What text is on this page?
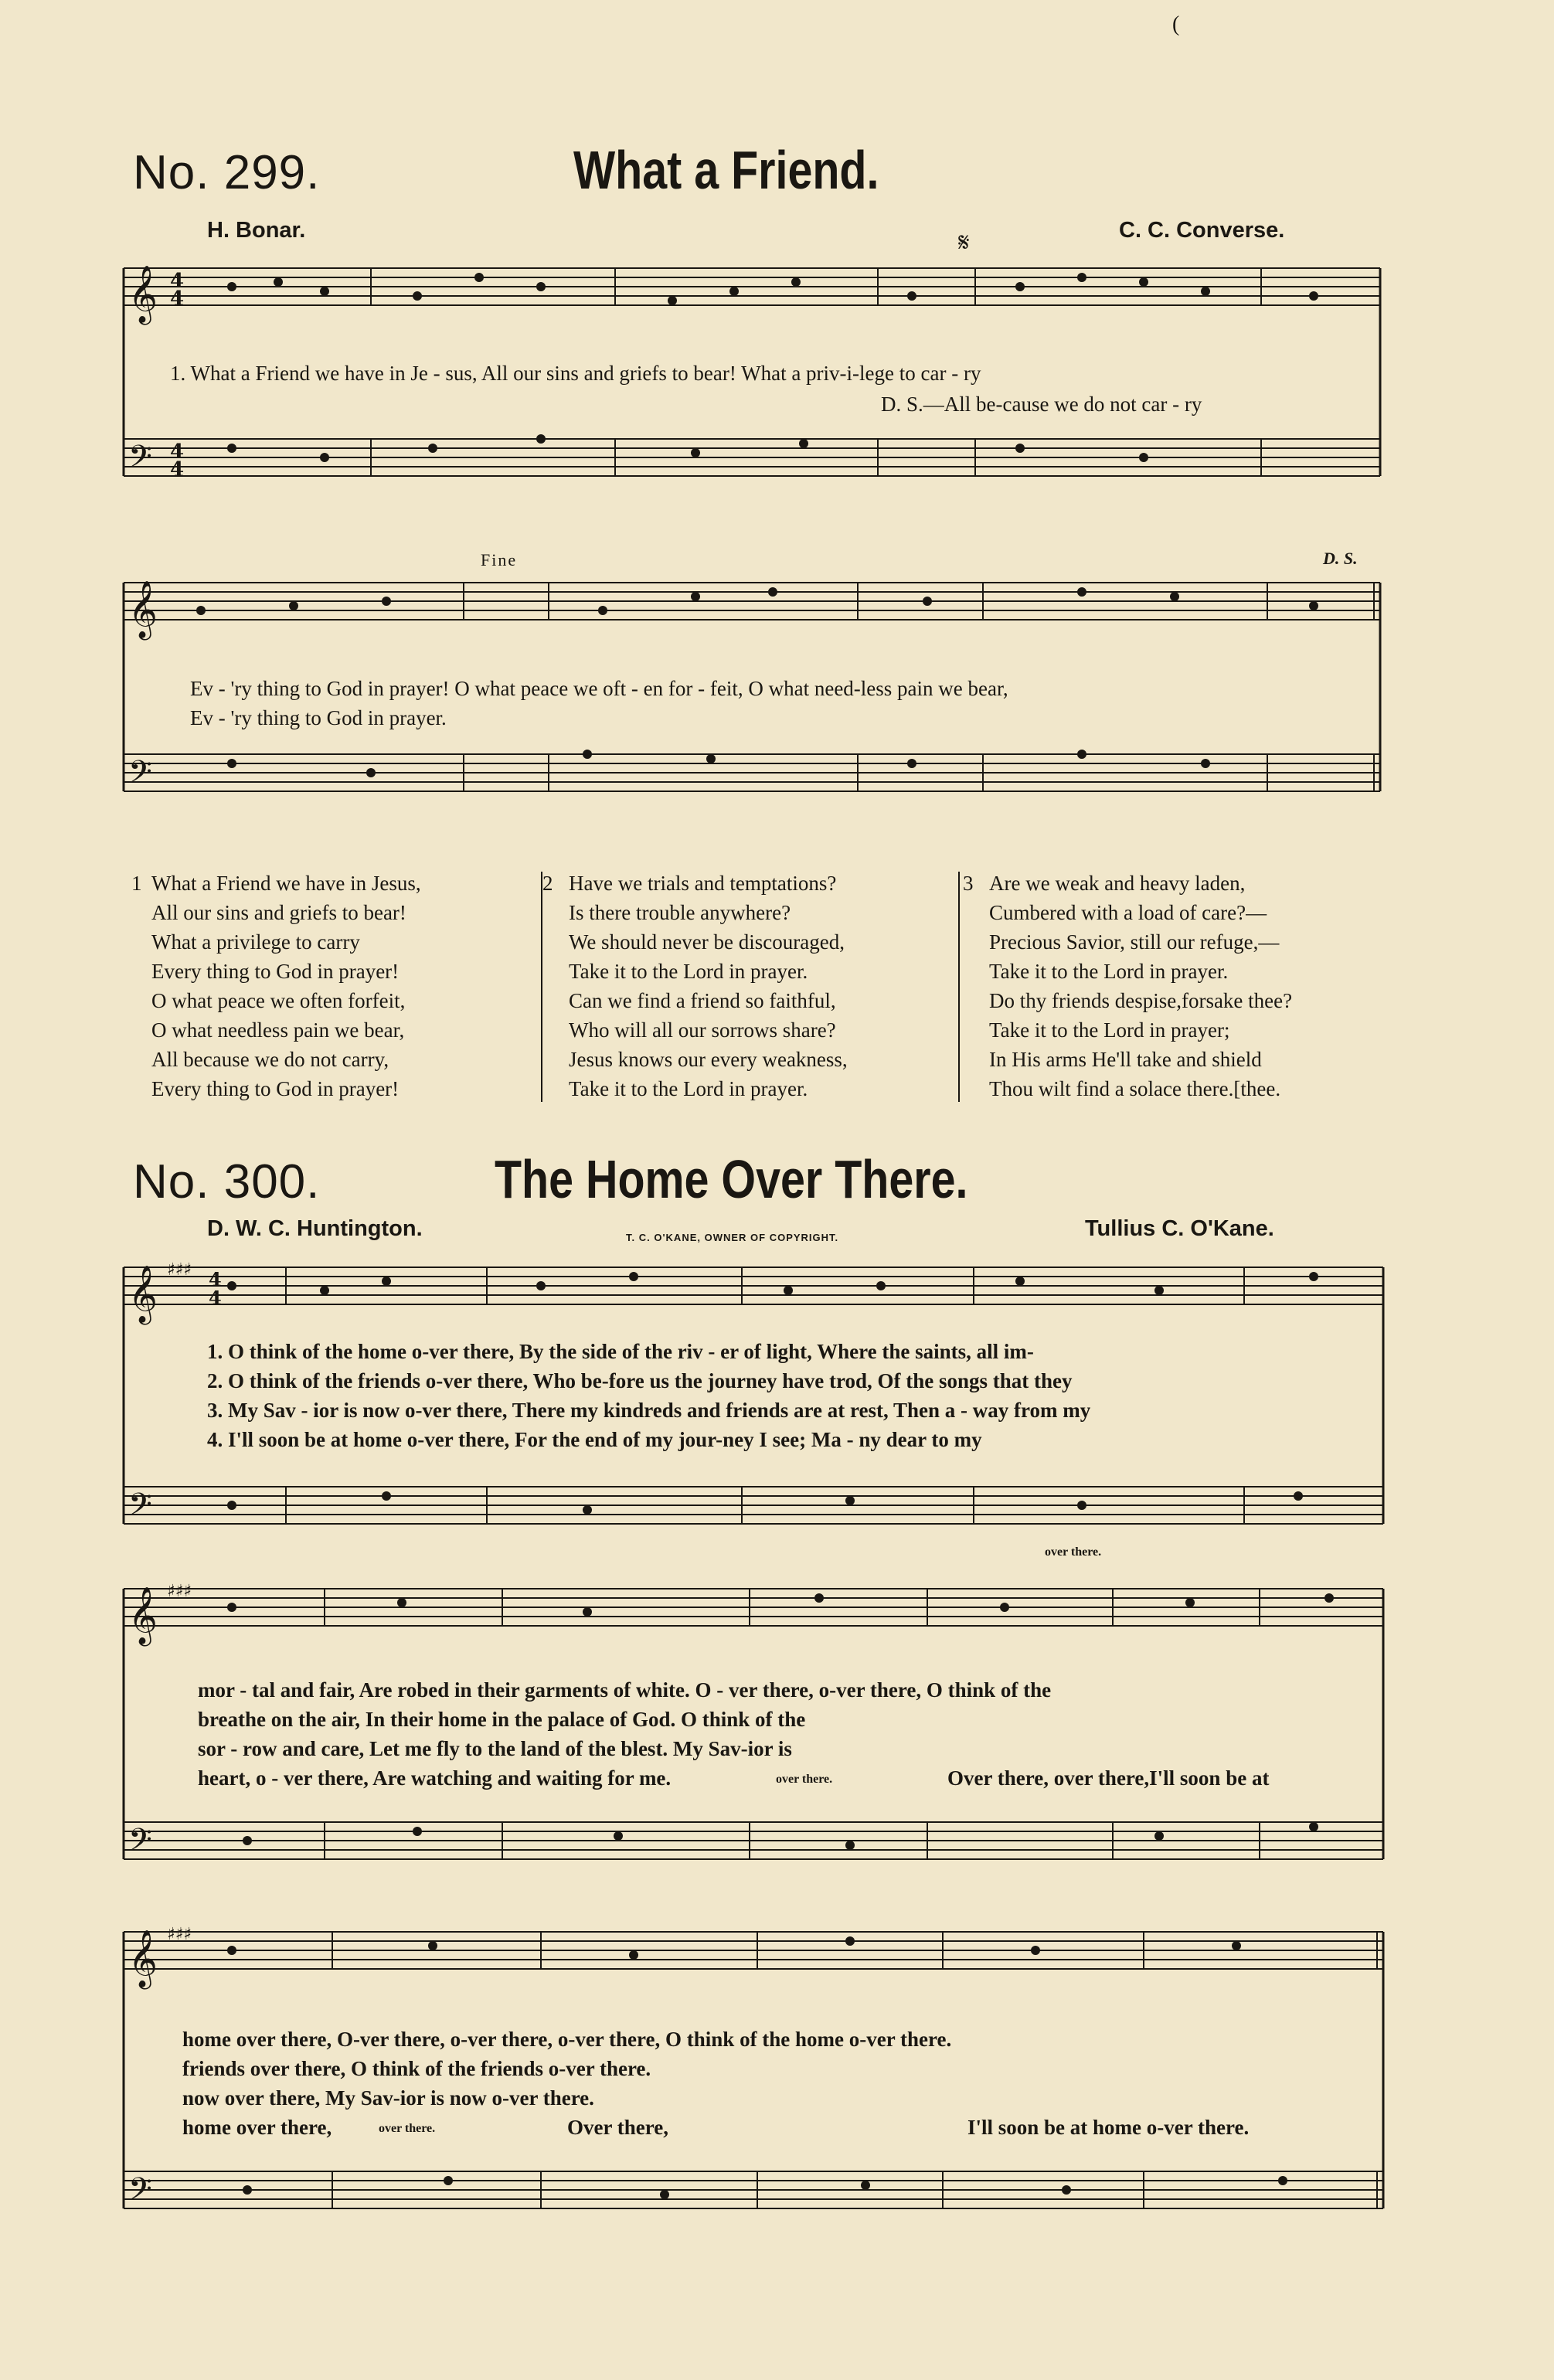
(
No. 299.	What a Friend.
H. Bonar.	C. C. Converse.
𝄞
𝄢
𝄞
𝄢
4
4
4
4
𝄋
1. What a Friend we have in Je - sus, All our sins and griefs to bear! What a priv-i-lege to car - ry
D. S.—All be-cause we do not car - ry
Fine	D. S.
Ev - 'ry thing to God in prayer! O what peace we oft - en for - feit, O what need-less pain we bear,
Ev - 'ry thing to God in prayer.
1 What a Friend we have in Jesus,
All our sins and griefs to bear!
What a privilege to carry
Every thing to God in prayer!
O what peace we often forfeit,
O what needless pain we bear,
All because we do not carry,
Every thing to God in prayer!
2 Have we trials and temptations?
Is there trouble anywhere?
We should never be discouraged,
Take it to the Lord in prayer.
Can we find a friend so faithful,
Who will all our sorrows share?
Jesus knows our every weakness,
Take it to the Lord in prayer.
3 Are we weak and heavy laden,
Cumbered with a load of care?—
Precious Savior, still our refuge,—
Take it to the Lord in prayer.
Do thy friends despise,forsake thee?
Take it to the Lord in prayer;
In His arms He'll take and shield
Thou wilt find a solace there.[thee.
No. 300.	The Home Over There.
D. W. C. Huntington.	T. C. O'KANE, OWNER OF COPYRIGHT.	Tullius C. O'Kane.
𝄞
𝄢
𝄞
𝄢
𝄞
𝄢
♯♯♯
♯♯♯
♯♯♯
4
4
1. O think of the home o-ver there, By the side of the riv - er of light, Where the saints, all im-
2. O think of the friends o-ver there, Who be-fore us the journey have trod, Of the songs that they
3. My Sav - ior is now o-ver there, There my kindreds and friends are at rest, Then a - way from my
4. I'll soon be at home o-ver there, For the end of my jour-ney I see; Ma - ny dear to my
over there.
mor - tal and fair, Are robed in their garments of white. O - ver there, o-ver there, O think of the
breathe on the air, In their home in the palace of God. O think of the
sor - row and care, Let me fly to the land of the blest. My Sav-ior is
heart, o - ver there, Are watching and waiting for me.	over there.	Over there, over there,I'll soon be at
home over there, O-ver there, o-ver there, o-ver there, O think of the home o-ver there.
friends over there, O think of the friends o-ver there.
now over there, My Sav-ior is now o-ver there.
home over there,	over there.	Over there,	I'll soon be at home o-ver there.
